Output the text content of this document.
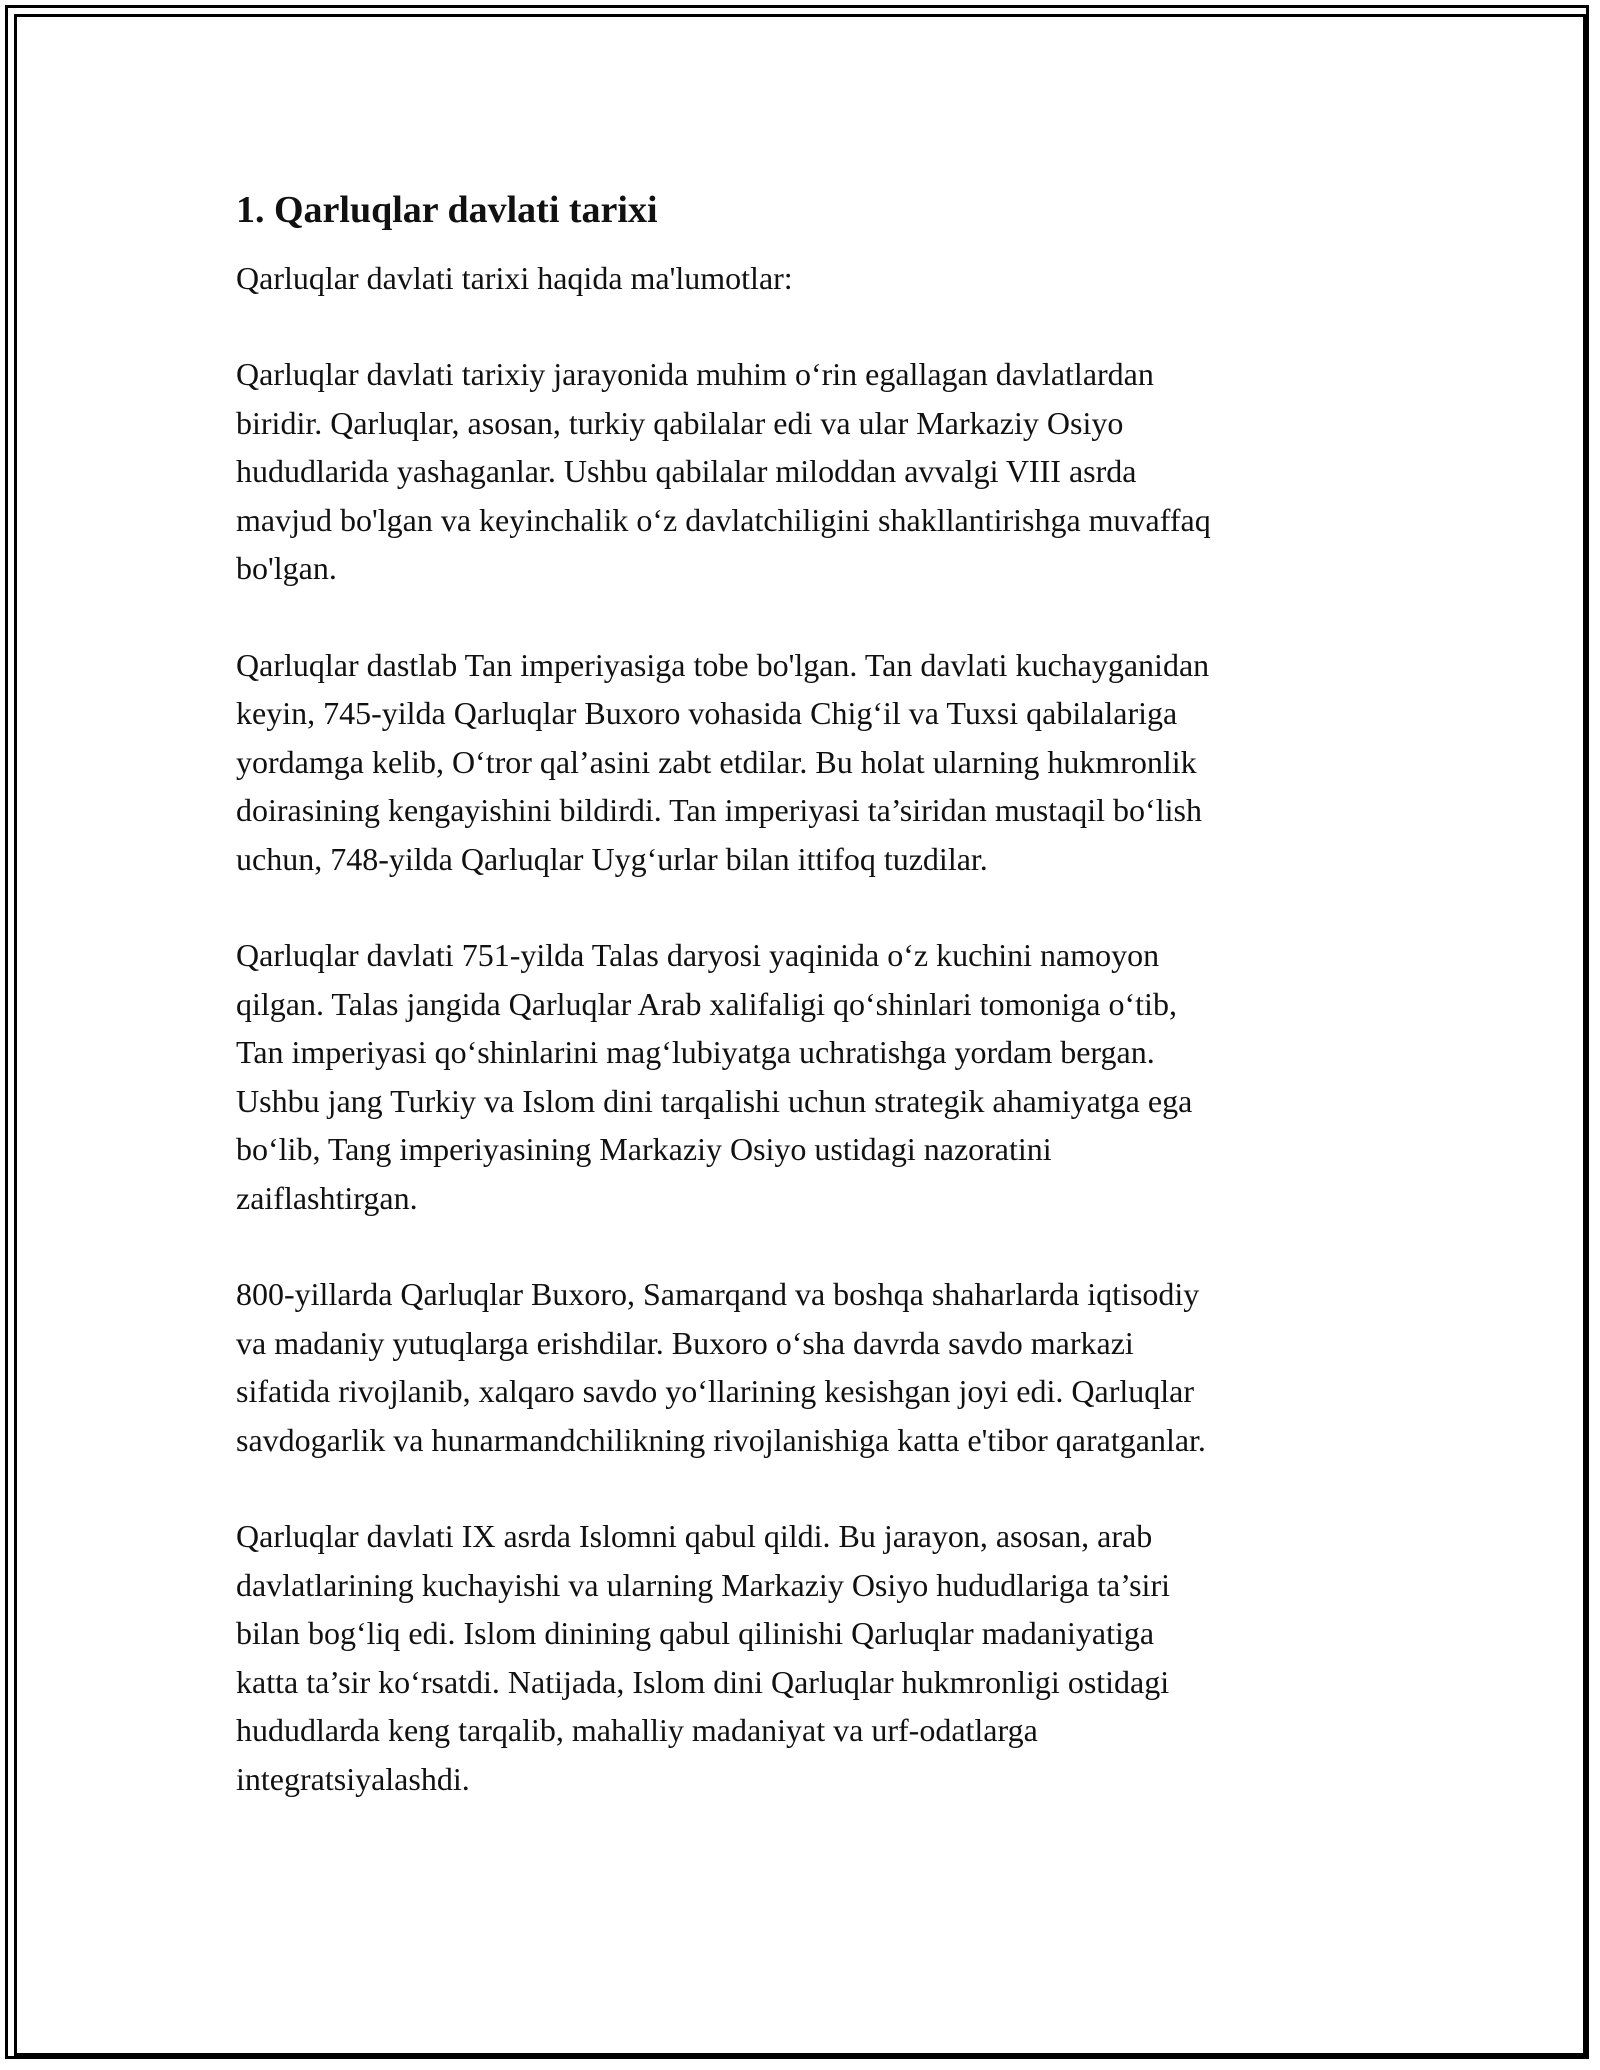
1. Qarluqlar davlati tarixi

Qarluqlar davlati tarixi haqida ma'lumotlar:

Qarluqlar davlati tarixiy jarayonida muhim o‘rin egallagan davlatlardan
biridir. Qarluqlar, asosan, turkiy qabilalar edi va ular Markaziy Osiyo
hududlarida yashaganlar. Ushbu qabilalar miloddan avvalgi VIII asrda
mavjud bo'lgan va keyinchalik o‘z davlatchiligini shakllantirishga muvaffaq
bo'lgan.

Qarluqlar dastlab Tan imperiyasiga tobe bo'lgan. Tan davlati kuchayganidan
keyin, 745-yilda Qarluqlar Buxoro vohasida Chig‘il va Tuxsi qabilalariga
yordamga kelib, O‘tror qal’asini zabt etdilar. Bu holat ularning hukmronlik
doirasining kengayishini bildirdi. Tan imperiyasi ta’siridan mustaqil bo‘lish
uchun, 748-yilda Qarluqlar Uyg‘urlar bilan ittifoq tuzdilar.

Qarluqlar davlati 751-yilda Talas daryosi yaqinida o‘z kuchini namoyon
qilgan. Talas jangida Qarluqlar Arab xalifaligi qo‘shinlari tomoniga o‘tib,
Tan imperiyasi qo‘shinlarini mag‘lubiyatga uchratishga yordam bergan.
Ushbu jang Turkiy va Islom dini tarqalishi uchun strategik ahamiyatga ega
bo‘lib, Tang imperiyasining Markaziy Osiyo ustidagi nazoratini
zaiflashtirgan.

800-yillarda Qarluqlar Buxoro, Samarqand va boshqa shaharlarda iqtisodiy
va madaniy yutuqlarga erishdilar. Buxoro o‘sha davrda savdo markazi
sifatida rivojlanib, xalqaro savdo yo‘llarining kesishgan joyi edi. Qarluqlar
savdogarlik va hunarmandchilikning rivojlanishiga katta e'tibor qaratganlar.

Qarluqlar davlati IX asrda Islomni qabul qildi. Bu jarayon, asosan, arab
davlatlarining kuchayishi va ularning Markaziy Osiyo hududlariga ta’siri
bilan bog‘liq edi. Islom dinining qabul qilinishi Qarluqlar madaniyatiga
katta ta’sir ko‘rsatdi. Natijada, Islom dini Qarluqlar hukmronligi ostidagi
hududlarda keng tarqalib, mahalliy madaniyat va urf-odatlarga
integratsiyalashdi.
